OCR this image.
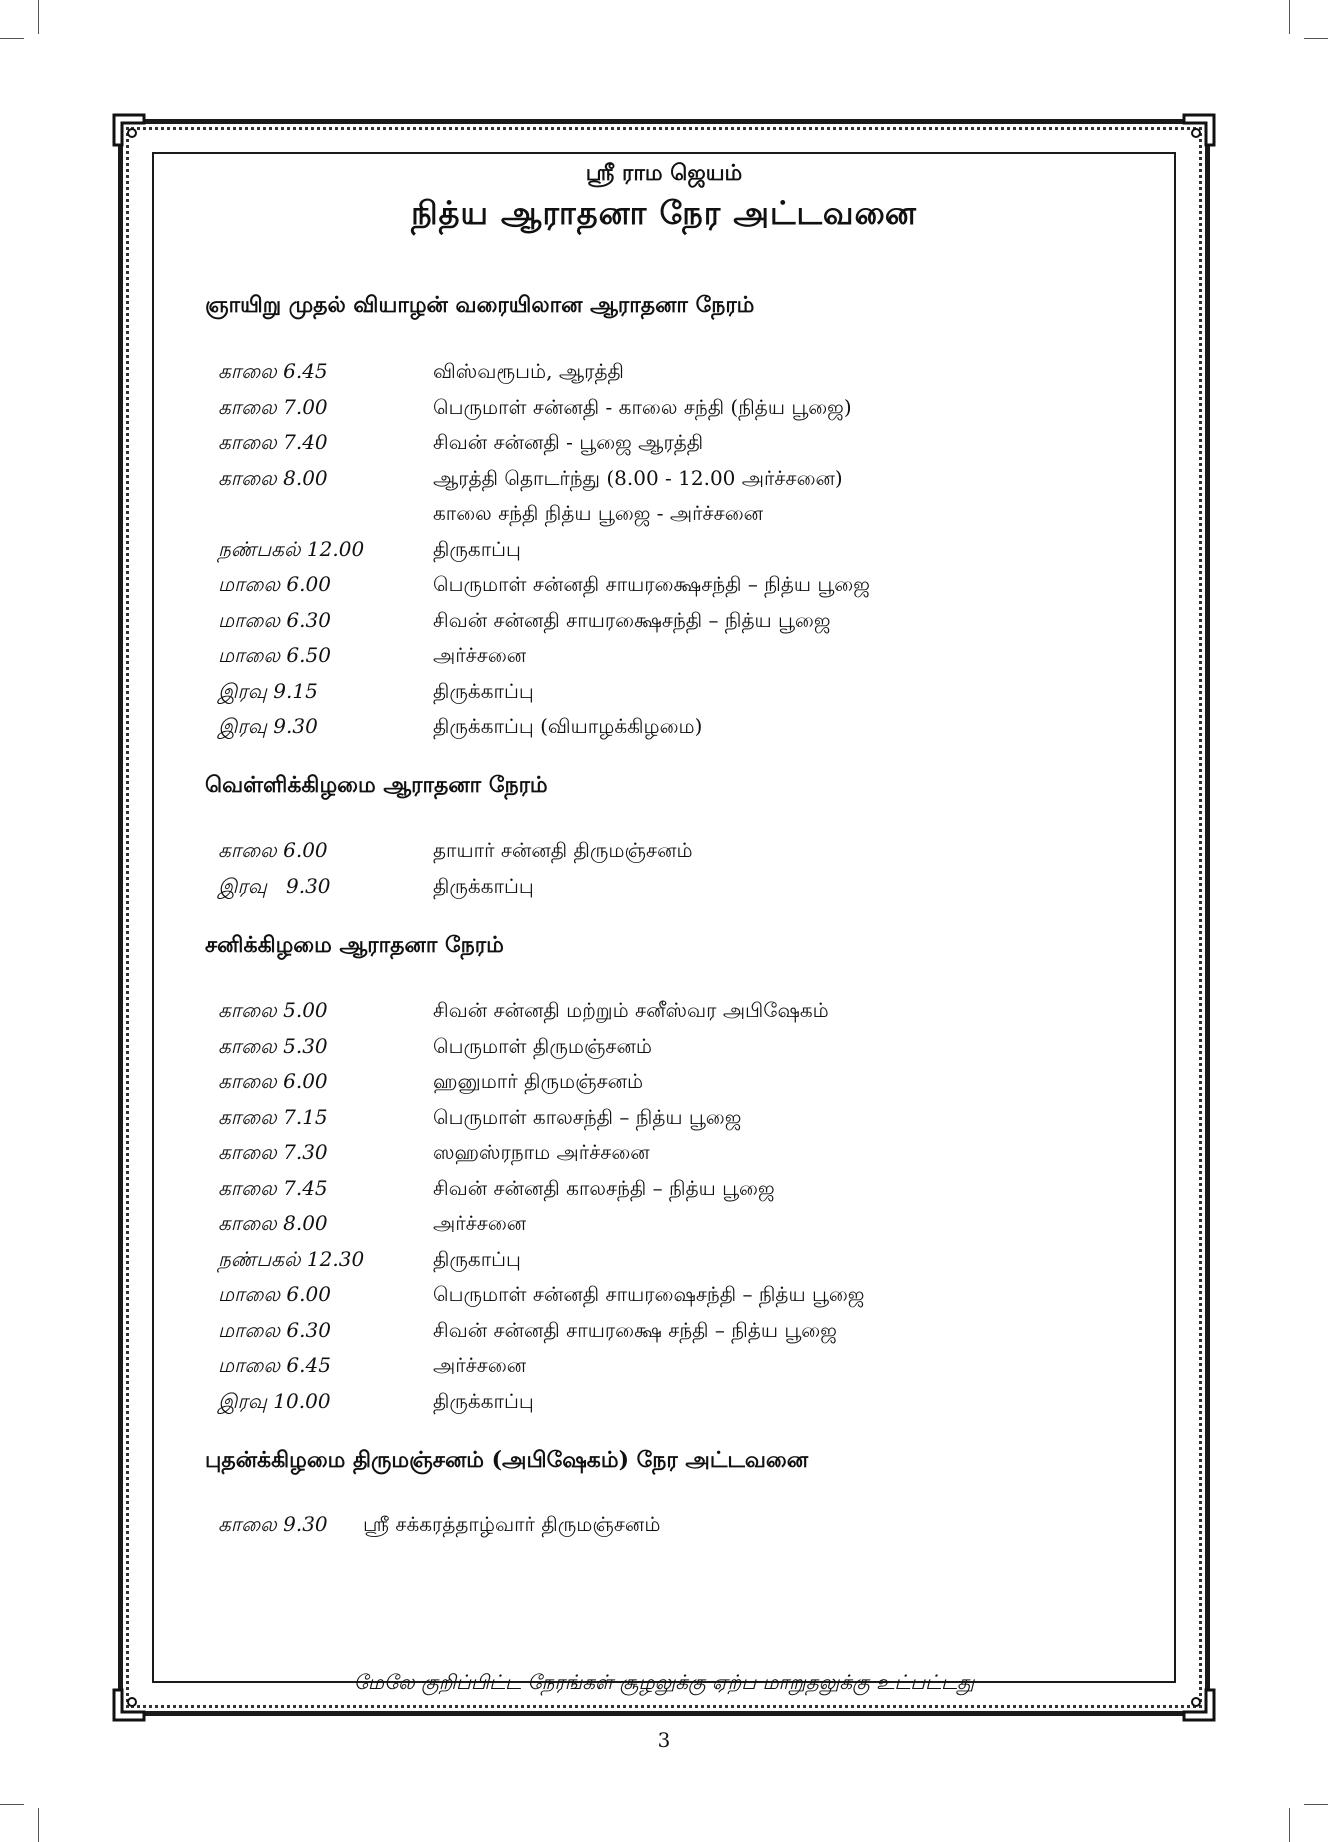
ஸ்ரீ ராம ஜெயம்
நித்ய ஆராதனா நேர அட்டவனை
ஞாயிறு முதல் வியாழன் வரையிலான ஆராதனா நேரம்
காலை 6.45	விஸ்வரூபம், ஆரத்தி
காலை 7.00	பெருமாள் சன்னதி - காலை சந்தி (நித்ய பூஜை)
காலை 7.40	சிவன் சன்னதி - பூஜை ஆரத்தி
காலை 8.00	ஆரத்தி தொடர்ந்து (8.00 - 12.00 அர்ச்சனை)
காலை சந்தி நித்ய பூஜை - அர்ச்சனை
நண்பகல் 12.00	திருகாப்பு
மாலை 6.00	பெருமாள் சன்னதி சாயரக்ஷைசந்தி – நித்ய பூஜை
மாலை 6.30	சிவன் சன்னதி சாயரக்ஷைசந்தி – நித்ய பூஜை
மாலை 6.50	அர்ச்சனை
இரவு 9.15	திருக்காப்பு
இரவு 9.30	திருக்காப்பு (வியாழக்கிழமை)
வெள்ளிக்கிழமை ஆராதனா நேரம்
காலை 6.00	தாயார் சன்னதி திருமஞ்சனம்
இரவு   9.30	திருக்காப்பு
சனிக்கிழமை ஆராதனா நேரம்
காலை 5.00	சிவன் சன்னதி மற்றும் சனீஸ்வர அபிஷேகம்
காலை 5.30	பெருமாள் திருமஞ்சனம்
காலை 6.00	ஹனுமார் திருமஞ்சனம்
காலை 7.15	பெருமாள் காலசந்தி – நித்ய பூஜை
காலை 7.30	ஸஹஸ்ரநாம அர்ச்சனை
காலை 7.45	சிவன் சன்னதி காலசந்தி – நித்ய பூஜை
காலை 8.00	அர்ச்சனை
நண்பகல் 12.30	திருகாப்பு
மாலை 6.00	பெருமாள் சன்னதி சாயரஷைசந்தி – நித்ய பூஜை
மாலை 6.30	சிவன் சன்னதி சாயரக்ஷை சந்தி – நித்ய பூஜை
மாலை 6.45	அர்ச்சனை
இரவு 10.00	திருக்காப்பு
புதன்க்கிழமை திருமஞ்சனம் (அபிஷேகம்) நேர அட்டவனை
காலை 9.30	ஸ்ரீ சக்கரத்தாழ்வார் திருமஞ்சனம்
மேலே குறிப்பிட்ட நேரங்கள் சூழலுக்கு ஏற்ப மாறுதலுக்கு உட்பட்டது
3
